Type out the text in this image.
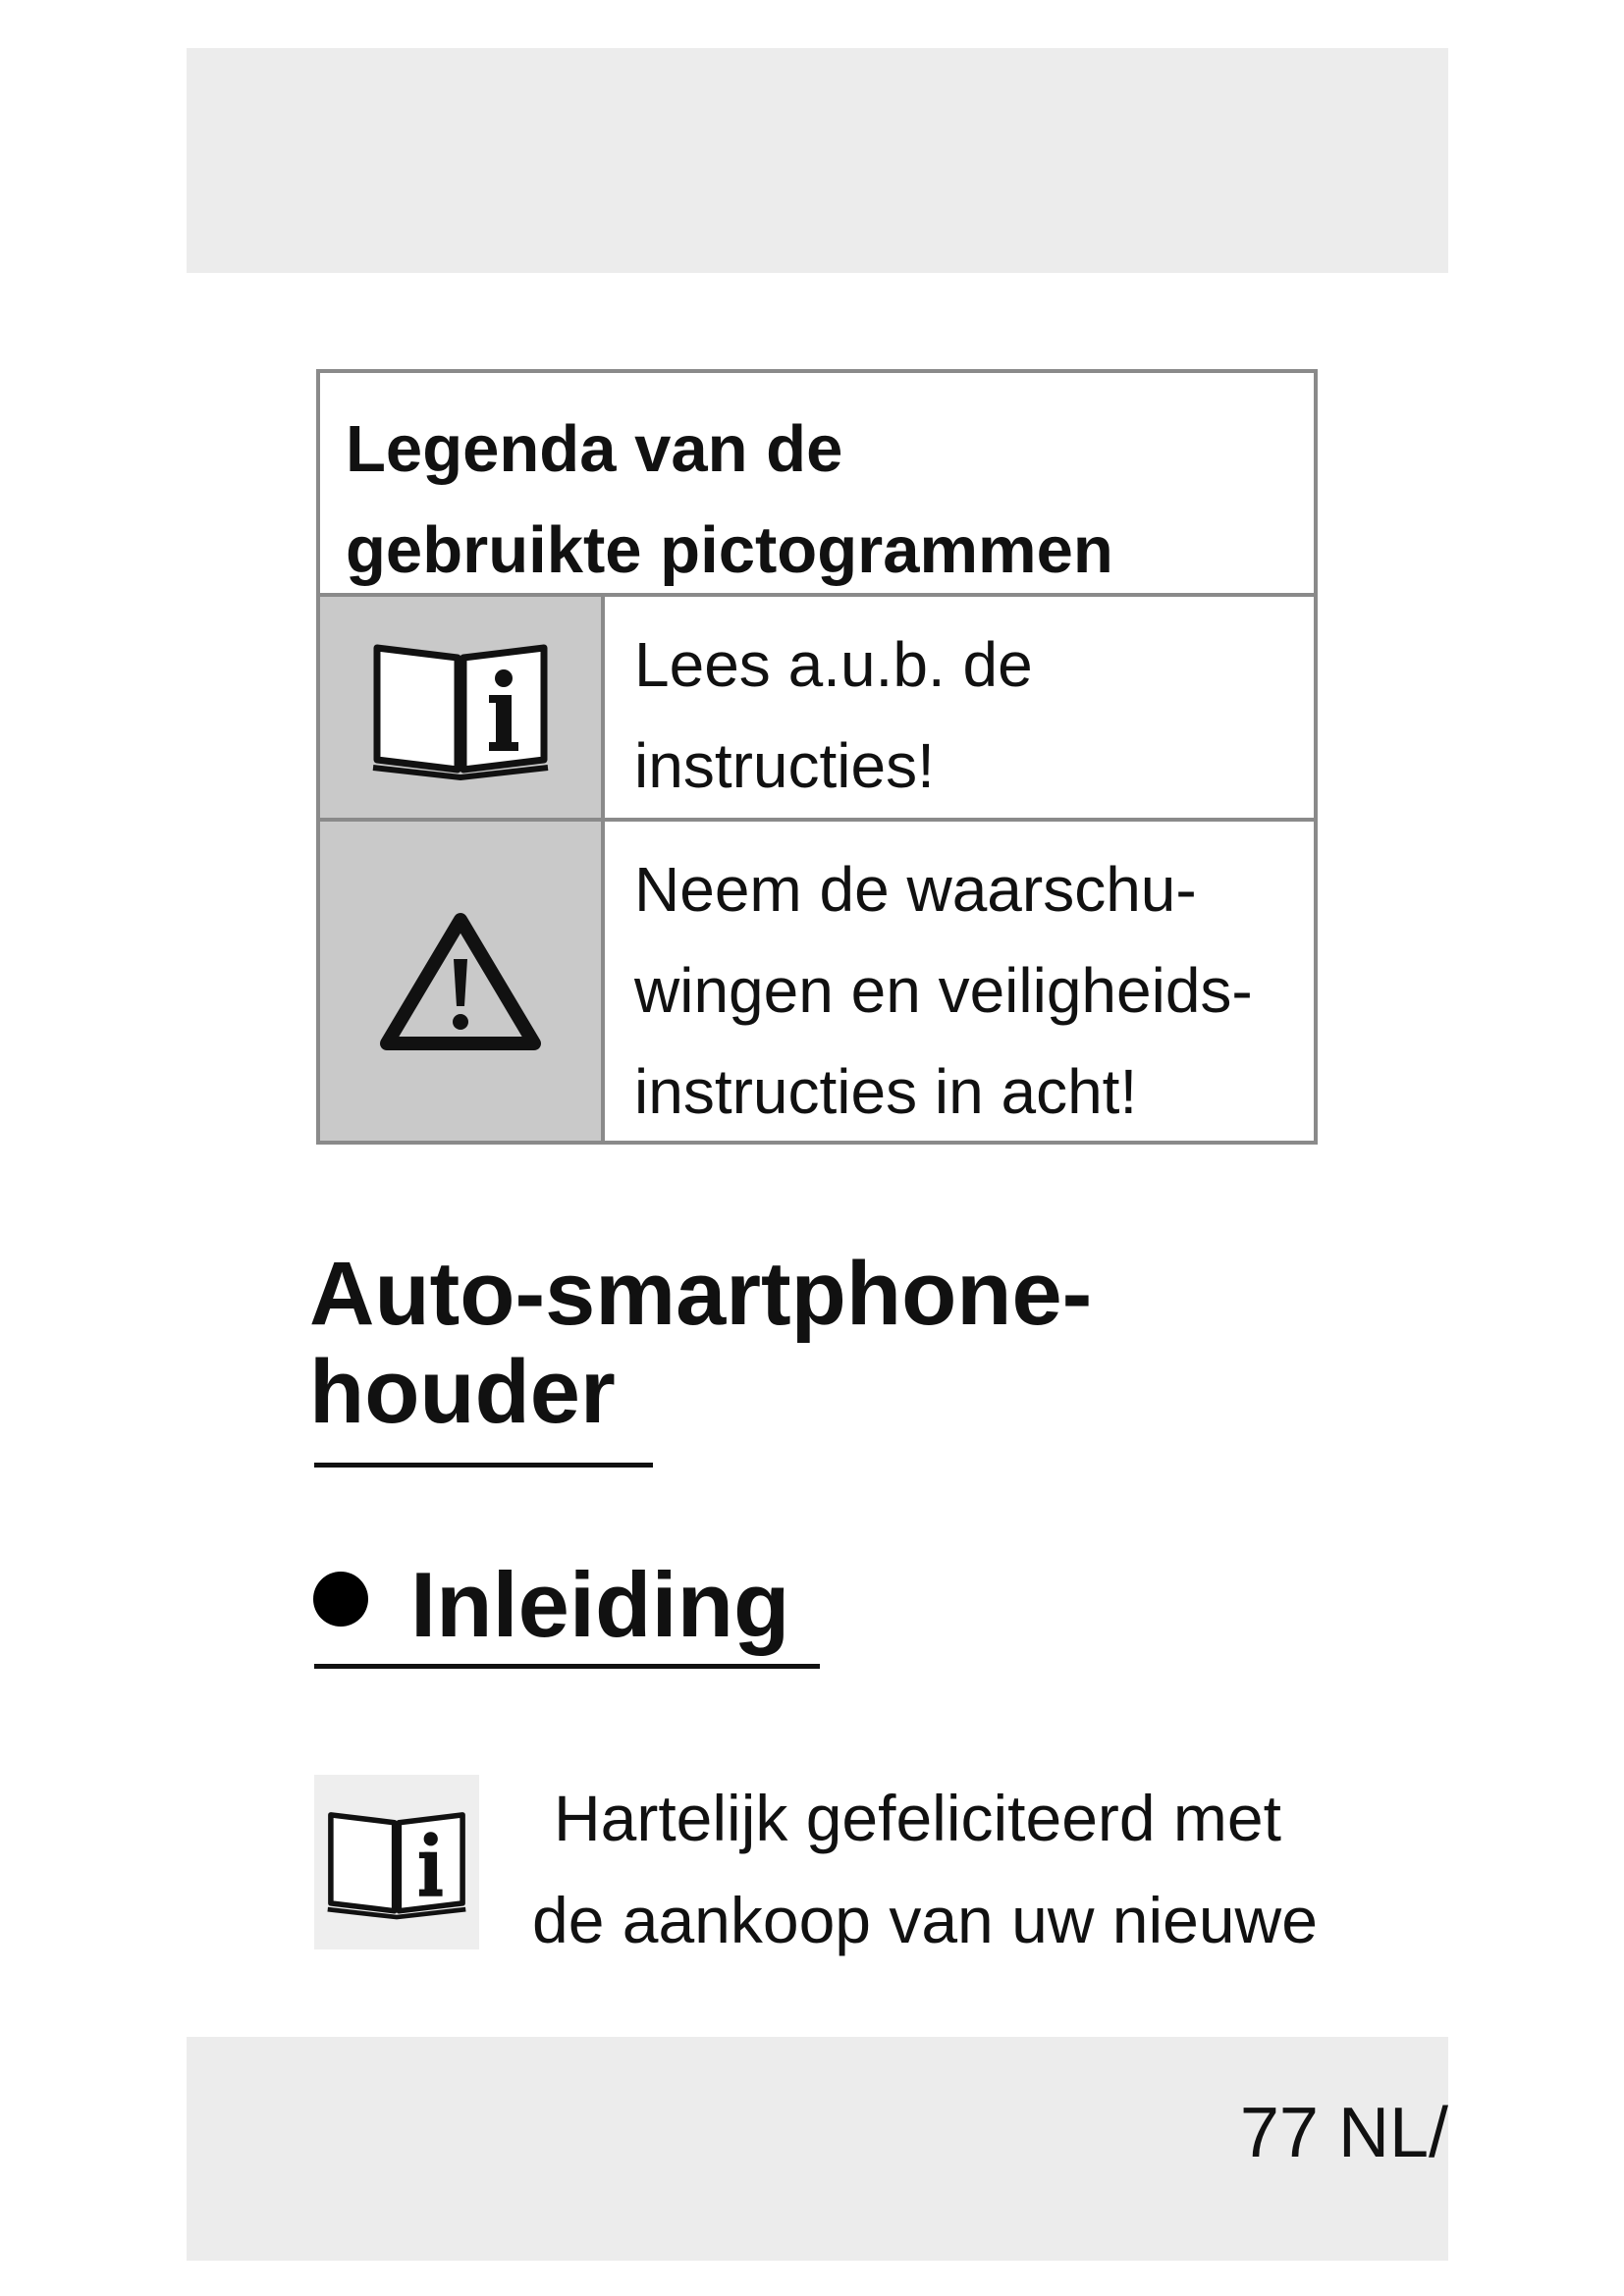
Legenda van de
gebruikte pictogrammen
Lees a.u.b. de
instructies!
Neem de waarschu-
wingen en veiligheids-
instructies in acht!
Auto-smartphone-
houder
Inleiding
Hartelijk gefeliciteerd met
de aankoop van uw nieuwe
77 NL/
